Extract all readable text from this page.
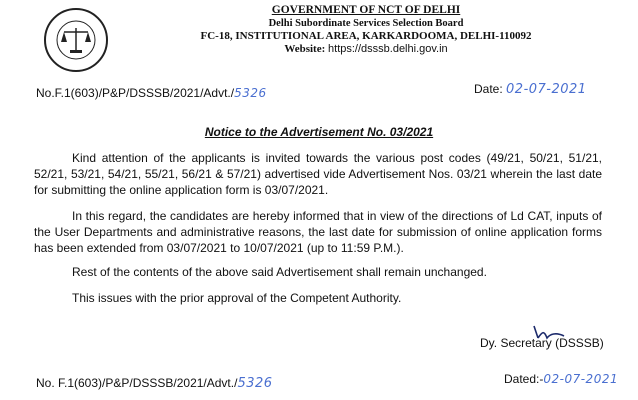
GOVERNMENT OF NCT OF DELHI
Delhi Subordinate Services Selection Board
FC-18, INSTITUTIONAL AREA, KARKARDOOMA, DELHI-110092
Website: https://dsssb.delhi.gov.in
No.F.1(603)/P&P/DSSSB/2021/Advt./5326	Date: 02-07-2021
Notice to the Advertisement No. 03/2021
Kind attention of the applicants is invited towards the various post codes (49/21, 50/21, 51/21, 52/21, 53/21, 54/21, 55/21, 56/21 & 57/21) advertised vide Advertisement Nos. 03/21 wherein the last date for submitting the online application form is 03/07/2021.
In this regard, the candidates are hereby informed that in view of the directions of Ld CAT, inputs of the User Departments and administrative reasons, the last date for submission of online application forms has been extended from 03/07/2021 to 10/07/2021 (up to 11:59 P.M.).
Rest of the contents of the above said Advertisement shall remain unchanged.
This issues with the prior approval of the Competent Authority.
Dy. Secretary (DSSSB)
No. F.1(603)/P&P/DSSSB/2021/Advt./5326	Dated:-02-07-2021
